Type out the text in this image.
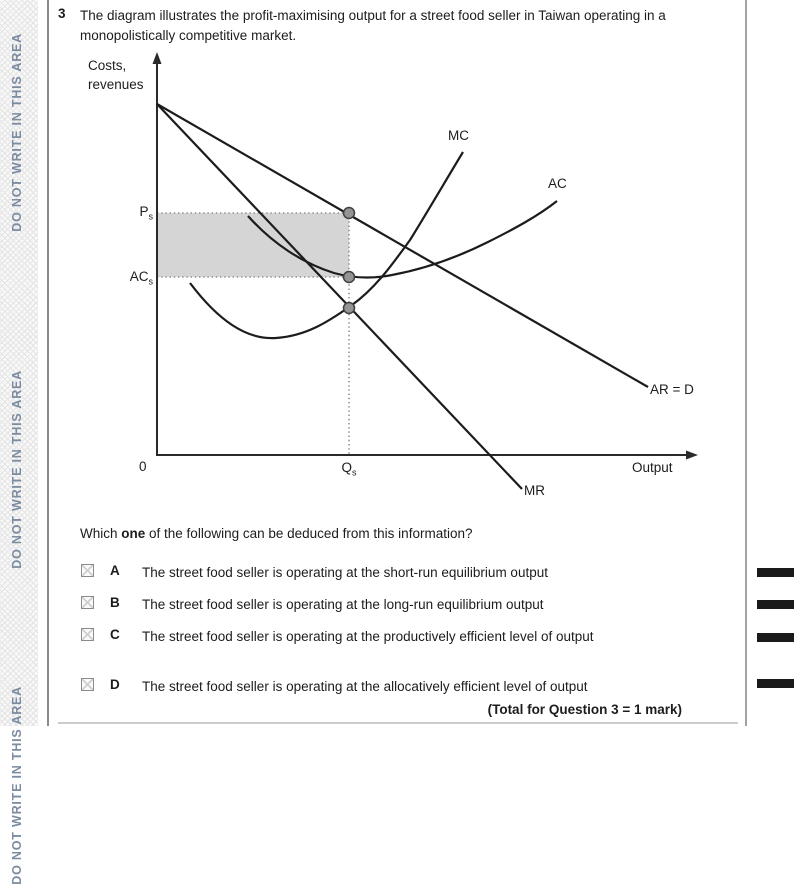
DO NOT WRITE IN THIS AREA
DO NOT WRITE IN THIS AREA
DO NOT WRITE IN THIS AREA
3 The diagram illustrates the profit-maximising output for a street food seller in Taiwan operating in a monopolistically competitive market.
Costs,
revenues
MC
AC
AR = D
MR
Output
0
$P_s$
$AC_s$
$Q_s$
Which one of the following can be deduced from this information?
A	The street food seller is operating at the short-run equilibrium output
B	The street food seller is operating at the long-run equilibrium output
C	The street food seller is operating at the productively efficient level of output
D	The street food seller is operating at the allocatively efficient level of output
(Total for Question 3 = 1 mark)
